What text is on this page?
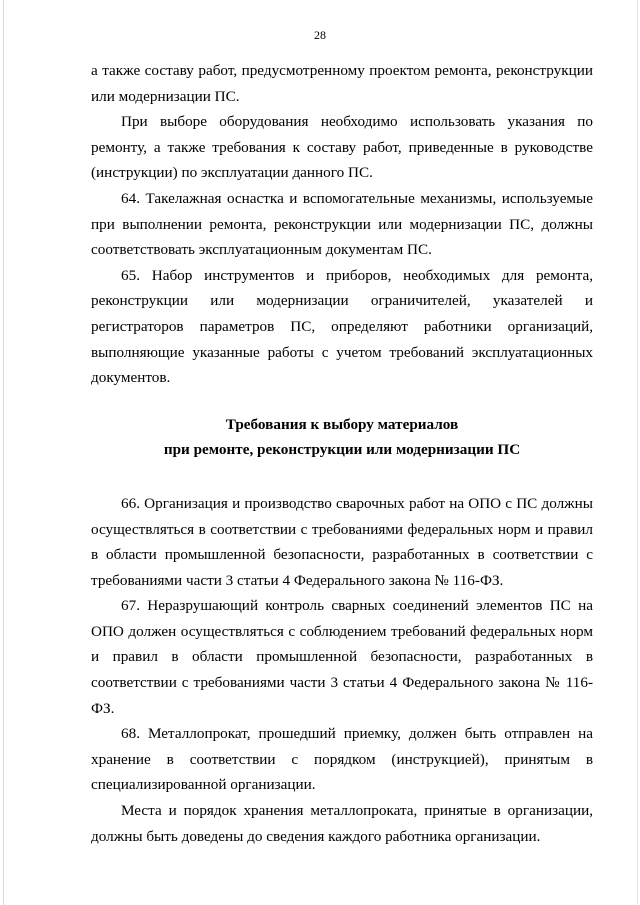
28

а также составу работ, предусмотренному проектом ремонта, реконструкции или модернизации ПС.

При выборе оборудования необходимо использовать указания по ремонту, а также требования к составу работ, приведенные в руководстве (инструкции) по эксплуатации данного ПС.

64. Такелажная оснастка и вспомогательные механизмы, используемые при выполнении ремонта, реконструкции или модернизации ПС, должны соответствовать эксплуатационным документам ПС.

65. Набор инструментов и приборов, необходимых для ремонта, реконструкции или модернизации ограничителей, указателей и регистраторов параметров ПС, определяют работники организаций, выполняющие указанные работы с учетом требований эксплуатационных документов.

Требования к выбору материалов

при ремонте, реконструкции или модернизации ПС

66. Организация и производство сварочных работ на ОПО с ПС должны осуществляться в соответствии с требованиями федеральных норм и правил в области промышленной безопасности, разработанных в соответствии с требованиями части 3 статьи 4 Федерального закона № 116-ФЗ.

67. Неразрушающий контроль сварных соединений элементов ПС на ОПО должен осуществляться с соблюдением требований федеральных норм и правил в области промышленной безопасности, разработанных в соответствии с требованиями части 3 статьи 4 Федерального закона № 116-ФЗ.

68. Металлопрокат, прошедший приемку, должен быть отправлен на хранение в соответствии с порядком (инструкцией), принятым в специализированной организации.

Места и порядок хранения металлопроката, принятые в организации, должны быть доведены до сведения каждого работника организации.
